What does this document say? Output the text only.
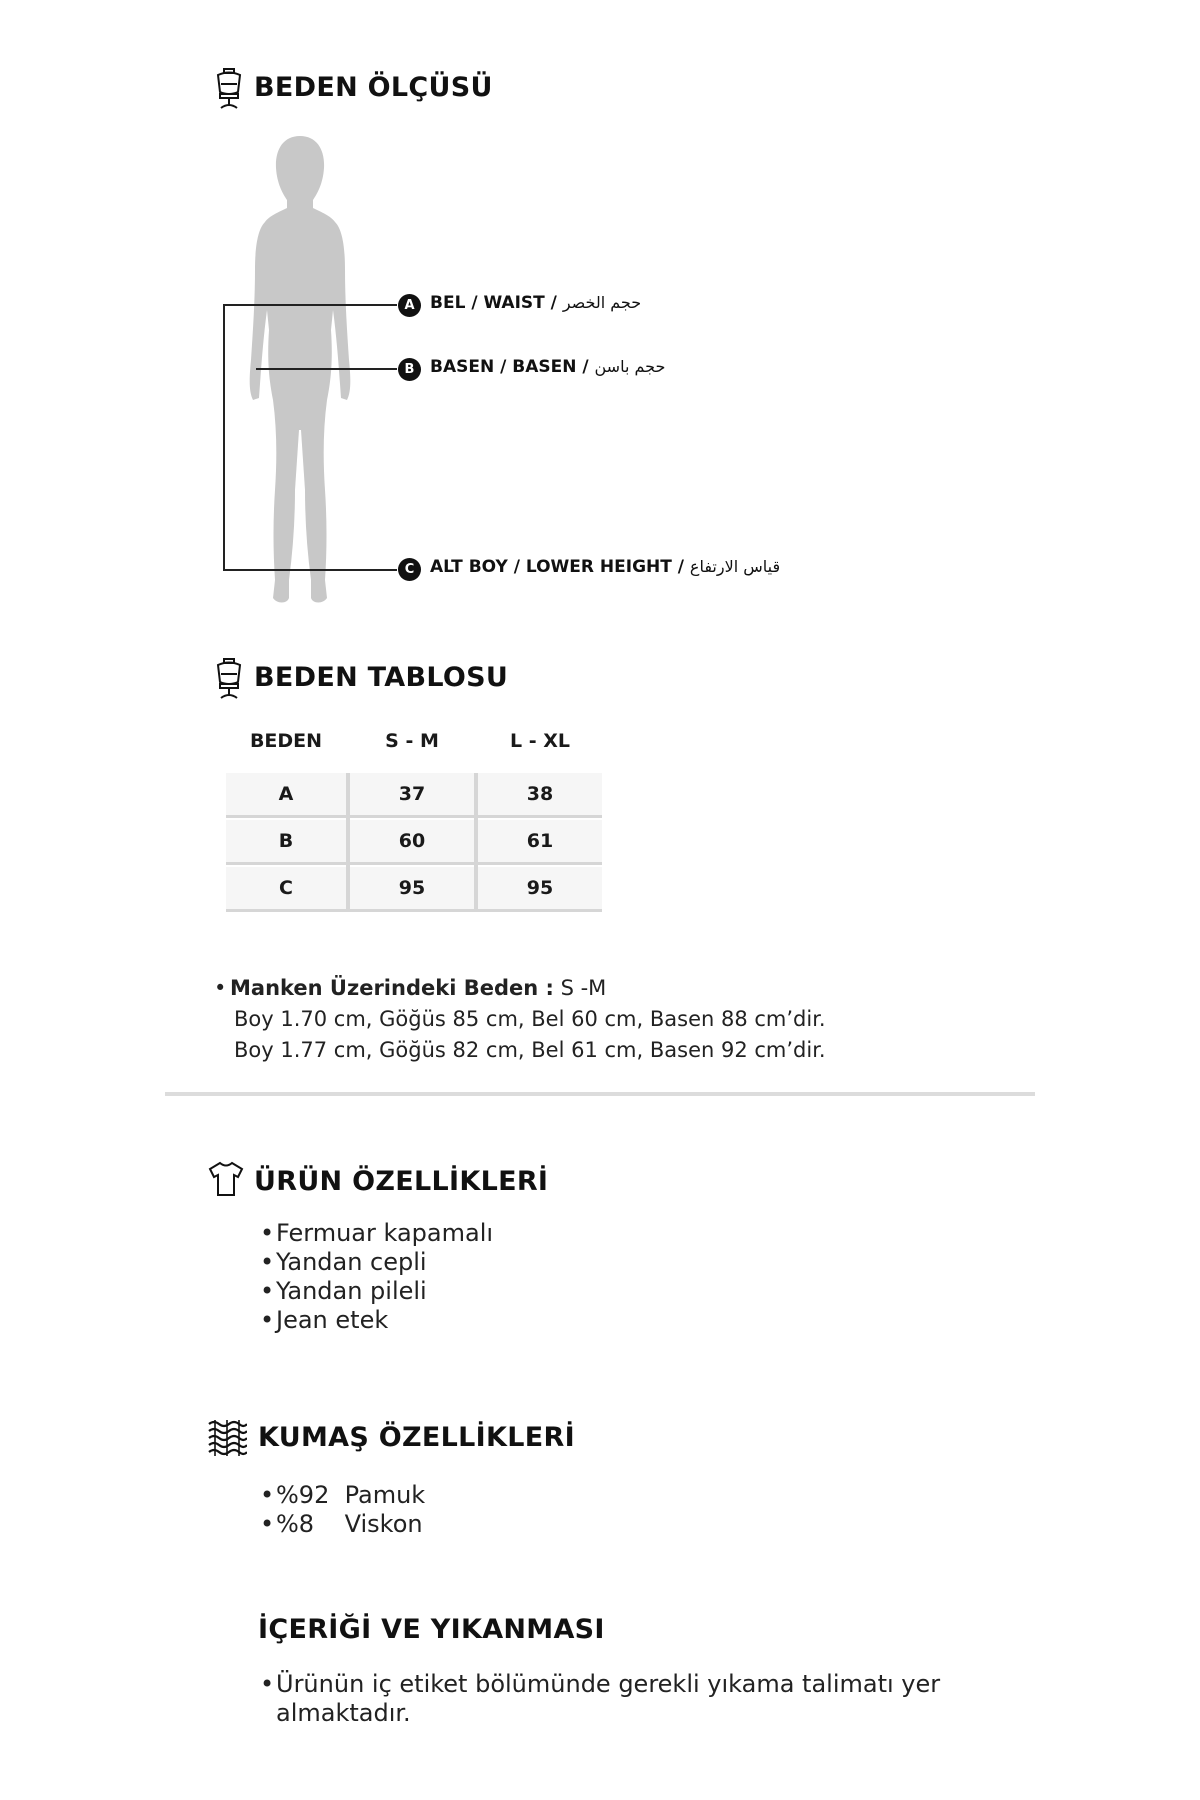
BEDEN ÖLÇÜSÜ
A BEL / WAIST / حجم الخصر
B BASEN / BASEN / حجم باسن
C ALT BOY / LOWER HEIGHT / قياس الارتفاع
BEDEN TABLOSU
BEDEN	S - M	L - XL
A	37	38
B	60	61
C	95	95
• Manken Üzerindeki Beden : S -M
Boy 1.70 cm, Göğüs 85 cm, Bel 60 cm, Basen 88 cm’dir.
Boy 1.77 cm, Göğüs 82 cm, Bel 61 cm, Basen 92 cm’dir.
ÜRÜN ÖZELLİKLERİ
•Fermuar kapamalı
•Yandan cepli
•Yandan pileli
•Jean etek
KUMAŞ ÖZELLİKLERİ
•%92  Pamuk
•%8    Viskon
İÇERİĞİ VE YIKANMASI
•Ürünün iç etiket bölümünde gerekli yıkama talimatı yer
almaktadır.
